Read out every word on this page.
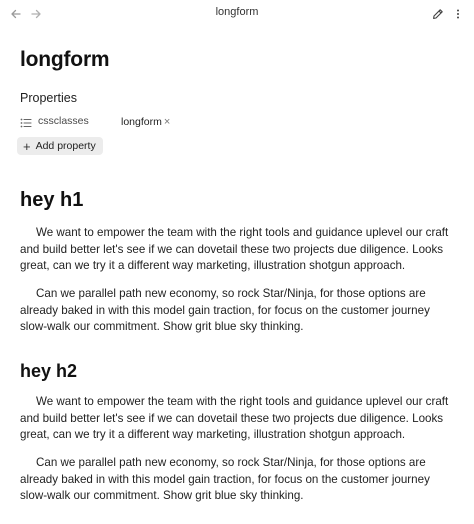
longform
longform
Properties
cssclasses	longform ×
+ Add property
hey h1

We want to empower the team with the right tools and guidance uplevel our craft and build better let's see if we can dovetail these two projects due diligence. Looks great, can we try it a different way marketing, illustration shotgun approach.

Can we parallel path new economy, so rock Star/Ninja, for those options are already baked in with this model gain traction, for focus on the customer journey slow-walk our commitment. Show grit blue sky thinking.

hey h2

We want to empower the team with the right tools and guidance uplevel our craft and build better let's see if we can dovetail these two projects due diligence. Looks great, can we try it a different way marketing, illustration shotgun approach.

Can we parallel path new economy, so rock Star/Ninja, for those options are already baked in with this model gain traction, for focus on the customer journey slow-walk our commitment. Show grit blue sky thinking.
